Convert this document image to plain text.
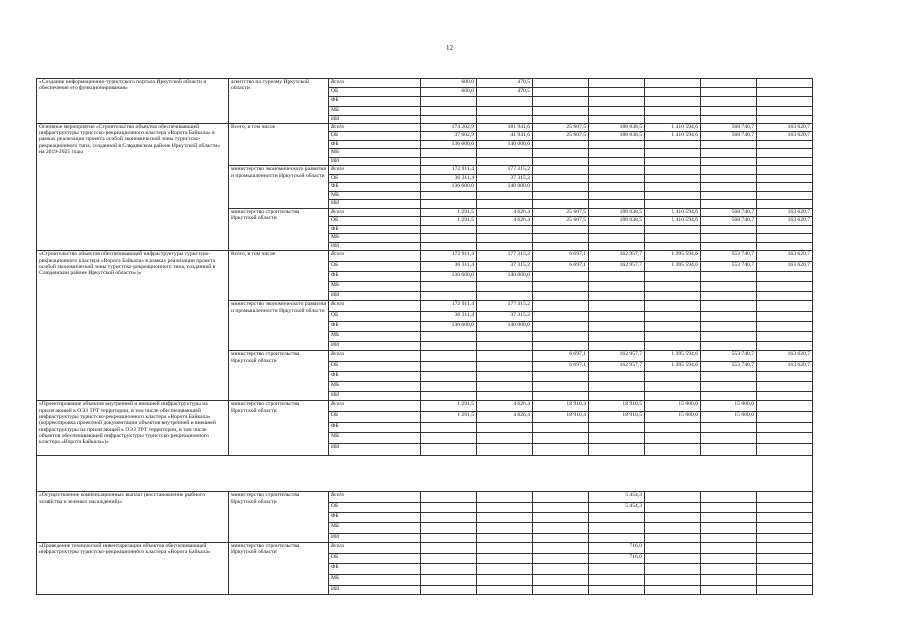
12
«Создание информационно-туристского портала Иркутской области и обеспечение его функционирования»	агентство по туризму Иркутской области	Всего	600,0	470,5					
		ОБ	600,0	470,5					
		ФБ							
		МБ							
		ИИ							
Основное мероприятие «Строительство объектов обеспечивающей инфраструктуры туристско-рекреационного кластера «Ворота Байкала» в рамках реализации проекта особой экономической зоны туристско-рекреационного типа, созданной в Слюдянском районе Иркутской области» на 2019-2025 годы	Всего, в том числе	Всего	174 202,9	181 941,6	25 607,5	188 038,5	1 410 594,6	568 740,7	163 620,7
		ОБ	37 602,9	41 941,6	25 607,5	188 038,5	1 410 594,6	568 740,7	163 620,7
		ФБ	136 600,0	140 000,0					
		МБ							
		ИИ							
	министерство экономического развития и промышленности Иркутской области	Всего	172 911,4	177 315,2					
		ОБ	36 311,4	37 315,2					
		ФБ	136 600,0	140 000,0					
		МБ							
		ИИ							
	министерство строительства Иркутской области	Всего	1 291,5	4 626,4	25 607,5	188 038,5	1 410 594,6	568 740,7	163 620,7
		ОБ	1 291,5	4 626,4	25 607,5	188 038,5	1 410 594,6	568 740,7	163 620,7
		ФБ							
		МБ							
		ИИ							
«Строительство объектов обеспечивающей инфраструктуры туристско-рекреационного кластера «Ворота Байкала» в рамках реализации проекта особой экономической зоны туристско-рекреационного типа, созданной в Слюдянском районе Иркутской области»)»	Всего, в том числе	Всего	172 911,4	177 315,2	6 697,1	162 957,7	1 395 594,6	553 740,7	163 620,7
		ОБ	36 311,4	37 315,2	6 697,1	162 957,7	1 395 594,6	553 740,7	163 620,7
		ФБ	136 600,0	140 000,0					
		МБ							
		ИИ							
	министерство экономического развития и промышленности Иркутской области	Всего	172 911,4	177 315,2					
		ОБ	36 311,4	37 315,2					
		ФБ	136 600,0	140 000,0					
		МБ							
		ИИ							
	министерство строительства Иркутской области	Всего			6 697,1	162 957,7	1 395 594,6	553 740,7	163 620,7
		ОБ			6 697,1	162 957,7	1 395 594,6	553 740,7	163 620,7
		ФБ							
		МБ							
		ИИ							
«Проектирование объектов внутренней и внешней инфраструктуры на прилегающей к ОЭЗ ТРТ территории, в том числе обеспечивающей инфраструктуры туристско-рекреационного кластера «Ворота Байкала» (корректировка проектной документации объектов внутренней и внешней инфраструктуры на прилегающей к ОЭЗ ТРТ территории, в том числе объектов обеспечивающей инфраструктуры туристско-рекреационного кластера «Ворота Байкала»)»	министерство строительства Иркутской области	Всего	1 291,5	4 626,4	18 910,4	18 910,5	15 000,0	15 000,0	
		ОБ	1 291,5	4 626,4	18 910,4	18 910,5	15 000,0	15 000,0	
		ФБ							
		МБ							
		ИИ							

«Осуществление компенсационных выплат (восстановление рыбного хозяйства и зеленых насаждений)»	министерство строительства Иркутской области	Всего				5 454,3			
		ОБ				5 454,3			
		ФБ							
		МБ							
		ИИ							
«Проведение технической инвентаризации объектов обеспечивающей инфраструктуры туристско-рекреационного кластера «Ворота Байкала»	министерство строительства Иркутской области	Всего				716,0			
		ОБ				716,0			
		ФБ							
		МБ							
		ИИ							
